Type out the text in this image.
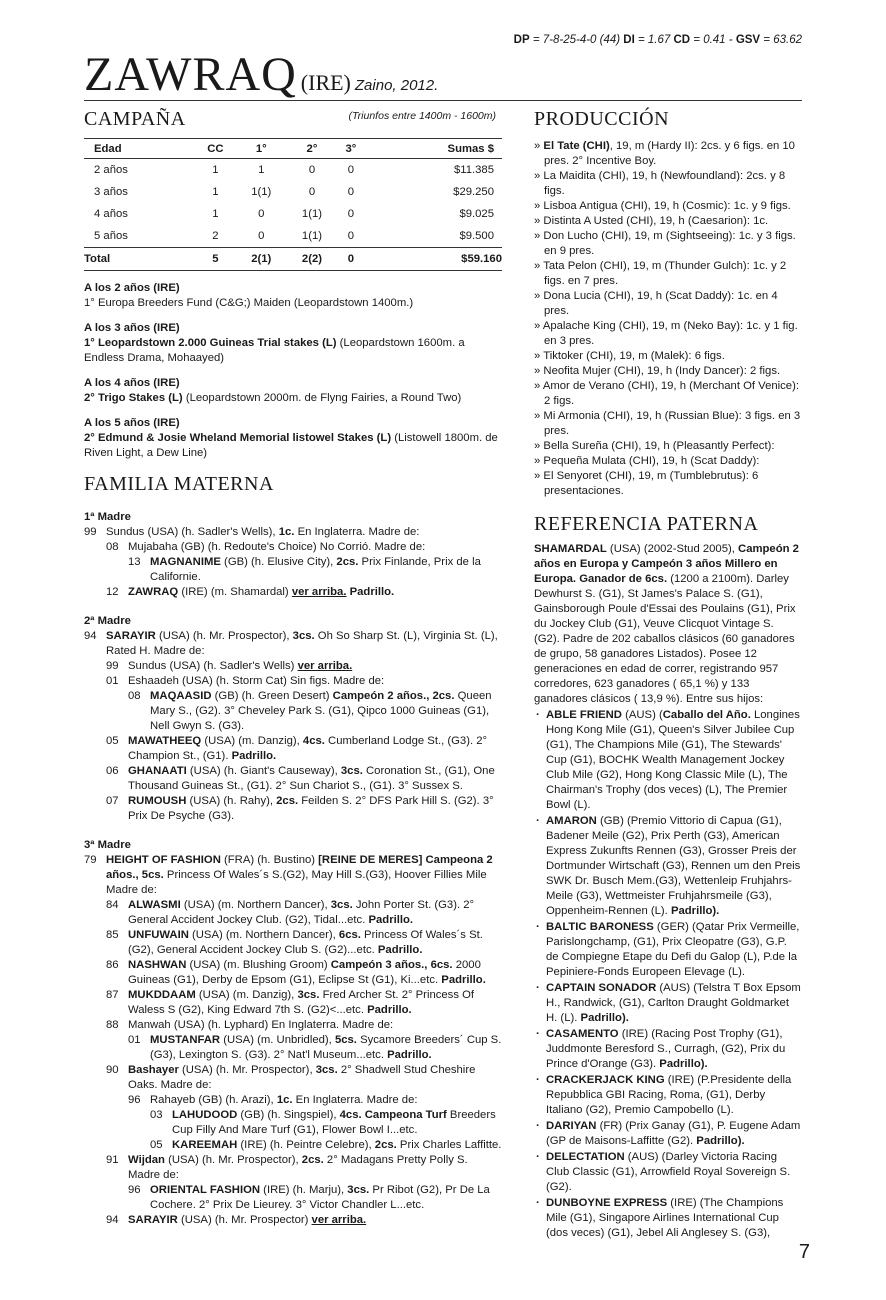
DP = 7-8-25-4-0 (44) DI = 1.67 CD = 0.41 - GSV = 63.62
ZAWRAQ (IRE) Zaino, 2012.
CAMPAÑA	(Triunfos entre 1400m - 1600m)
Edad	CC	1°	2°	3°	Sumas $
2 años	1	1	0	0	$11.385
3 años	1	1(1)	0	0	$29.250
4 años	1	0	1(1)	0	$9.025
5 años	2	0	1(1)	0	$9.500
Total	5	2(1)	2(2)	0	$59.160
A los 2 años (IRE)
1° Europa Breeders Fund (C&G;) Maiden (Leopardstown 1400m.)
A los 3 años (IRE)
1° Leopardstown 2.000 Guineas Trial stakes (L) (Leopardstown 1600m. a Endless Drama, Mohaayed)
A los 4 años (IRE)
2° Trigo Stakes (L) (Leopardstown 2000m. de Flyng Fairies, a Round Two)
A los 5 años (IRE)
2° Edmund & Josie Wheland Memorial listowel Stakes (L) (Listowell 1800m. de Riven Light, a Dew Line)
FAMILIA MATERNA
1ª Madre
99 Sundus (USA) (h. Sadler's Wells), 1c. En Inglaterra. Madre de:
08 Mujabaha (GB) (h. Redoute's Choice) No Corrió. Madre de:
13 MAGNANIME (GB) (h. Elusive City), 2cs. Prix Finlande, Prix de la Californie.
12 ZAWRAQ (IRE) (m. Shamardal) ver arriba. Padrillo.
2ª Madre
94 SARAYIR (USA) (h. Mr. Prospector), 3cs. Oh So Sharp St. (L), Virginia St. (L), Rated H. Madre de:
99 Sundus (USA) (h. Sadler's Wells) ver arriba.
01 Eshaadeh (USA) (h. Storm Cat) Sin figs. Madre de:
08 MAQAASID (GB) (h. Green Desert) Campeón 2 años., 2cs. Queen Mary S., (G2). 3° Cheveley Park S. (G1), Qipco 1000 Guineas (G1), Nell Gwyn S. (G3).
05 MAWATHEEQ (USA) (m. Danzig), 4cs. Cumberland Lodge St., (G3). 2° Champion St., (G1). Padrillo.
06 GHANAATI (USA) (h. Giant's Causeway), 3cs. Coronation St., (G1), One Thousand Guineas St., (G1). 2° Sun Chariot S., (G1). 3° Sussex S.
07 RUMOUSH (USA) (h. Rahy), 2cs. Feilden S. 2° DFS Park Hill S. (G2). 3° Prix De Psyche (G3).
3ª Madre
79 HEIGHT OF FASHION (FRA) (h. Bustino) [REINE DE MERES] Campeona 2 años., 5cs. Princess Of Wales´s S.(G2), May Hill S.(G3), Hoover Fillies Mile Madre de:
84 ALWASMI (USA) (m. Northern Dancer), 3cs. John Porter St. (G3). 2° General Accident Jockey Club. (G2), Tidal...etc. Padrillo.
85 UNFUWAIN (USA) (m. Northern Dancer), 6cs. Princess Of Wales´s St. (G2), General Accident Jockey Club S. (G2)...etc. Padrillo.
86 NASHWAN (USA) (m. Blushing Groom) Campeón 3 años., 6cs. 2000 Guineas (G1), Derby de Epsom (G1), Eclipse St (G1), Ki...etc. Padrillo.
87 MUKDDAAM (USA) (m. Danzig), 3cs. Fred Archer St. 2° Princess Of Waless S (G2), King Edward 7th S. (G2)<...etc. Padrillo.
88 Manwah (USA) (h. Lyphard) En Inglaterra. Madre de:
01 MUSTANFAR (USA) (m. Unbridled), 5cs. Sycamore Breeders´ Cup S. (G3), Lexington S. (G3). 2° Nat'l Museum...etc. Padrillo.
90 Bashayer (USA) (h. Mr. Prospector), 3cs. 2° Shadwell Stud Cheshire Oaks. Madre de:
96 Rahayeb (GB) (h. Arazi), 1c. En Inglaterra. Madre de:
03 LAHUDOOD (GB) (h. Singspiel), 4cs. Campeona Turf Breeders Cup Filly And Mare Turf (G1), Flower Bowl I...etc.
05 KAREEMAH (IRE) (h. Peintre Celebre), 2cs. Prix Charles Laffitte.
91 Wijdan (USA) (h. Mr. Prospector), 2cs. 2° Madagans Pretty Polly S. Madre de:
96 ORIENTAL FASHION (IRE) (h. Marju), 3cs. Pr Ribot (G2), Pr De La Cochere. 2° Prix De Lieurey. 3° Victor Chandler L...etc.
94 SARAYIR (USA) (h. Mr. Prospector) ver arriba.
PRODUCCIÓN
» El Tate (CHI), 19, m (Hardy II): 2cs. y 6 figs. en 10 pres. 2° Incentive Boy.
» La Maidita (CHI), 19, h (Newfoundland): 2cs. y 8 figs.
» Lisboa Antigua (CHI), 19, h (Cosmic): 1c. y 9 figs.
» Distinta A Usted (CHI), 19, h (Caesarion): 1c.
» Don Lucho (CHI), 19, m (Sightseeing): 1c. y 3 figs. en 9 pres.
» Tata Pelon (CHI), 19, m (Thunder Gulch): 1c. y 2 figs. en 7 pres.
» Dona Lucia (CHI), 19, h (Scat Daddy): 1c. en 4 pres.
» Apalache King (CHI), 19, m (Neko Bay): 1c. y 1 fig. en 3 pres.
» Tiktoker (CHI), 19, m (Malek): 6 figs.
» Neofita Mujer (CHI), 19, h (Indy Dancer): 2 figs.
» Amor de Verano (CHI), 19, h (Merchant Of Venice): 2 figs.
» Mi Armonia (CHI), 19, h (Russian Blue): 3 figs. en 3 pres.
» Bella Sureña (CHI), 19, h (Pleasantly Perfect):
» Pequeña Mulata (CHI), 19, h (Scat Daddy):
» El Senyoret (CHI), 19, m (Tumblebrutus): 6 presentaciones.
REFERENCIA PATERNA
SHAMARDAL (USA) (2002-Stud 2005), Campeón 2 años en Europa y Campeón 3 años Millero en Europa. Ganador de 6cs. (1200 a 2100m). Darley Dewhurst S. (G1), St James's Palace S. (G1), Gainsborough Poule d'Essai des Poulains (G1), Prix du Jockey Club (G1), Veuve Clicquot Vintage S. (G2). Padre de 202 caballos clásicos (60 ganadores de grupo, 58 ganadores Listados). Posee 12 generaciones en edad de correr, registrando 957 corredores, 623 ganadores ( 65,1 %) y 133 ganadores clásicos ( 13,9 %). Entre sus hijos:
· ABLE FRIEND (AUS) (Caballo del Año. Longines Hong Kong Mile (G1), Queen's Silver Jubilee Cup (G1), The Champions Mile (G1), The Stewards' Cup (G1), BOCHK Wealth Management Jockey Club Mile (G2), Hong Kong Classic Mile (L), The Chairman's Trophy (dos veces) (L), The Premier Bowl (L).
· AMARON (GB) (Premio Vittorio di Capua (G1), Badener Meile (G2), Prix Perth (G3), American Express Zukunfts Rennen (G3), Grosser Preis der Dortmunder Wirtschaft (G3), Rennen um den Preis SWK Dr. Busch Mem.(G3), Wettenleip Fruhjahrs-Meile (G3), Wettmeister Fruhjahrsmeile (G3), Oppenheim-Rennen (L). Padrillo).
· BALTIC BARONESS (GER) (Qatar Prix Vermeille, Parislongchamp, (G1), Prix Cleopatre (G3), G.P. de Compiegne Etape du Defi du Galop (L), P.de la Pepiniere-Fonds Europeen Elevage (L).
· CAPTAIN SONADOR (AUS) (Telstra T Box Epsom H., Randwick, (G1), Carlton Draught Goldmarket H. (L). Padrillo).
· CASAMENTO (IRE) (Racing Post Trophy (G1), Juddmonte Beresford S., Curragh, (G2), Prix du Prince d'Orange (G3). Padrillo).
· CRACKERJACK KING (IRE) (P.Presidente della Repubblica GBI Racing, Roma, (G1), Derby Italiano (G2), Premio Campobello (L).
· DARIYAN (FR) (Prix Ganay (G1), P. Eugene Adam (GP de Maisons-Laffitte (G2). Padrillo).
· DELECTATION (AUS) (Darley Victoria Racing Club Classic (G1), Arrowfield Royal Sovereign S. (G2).
· DUNBOYNE EXPRESS (IRE) (The Champions Mile (G1), Singapore Airlines International Cup (dos veces) (G1), Jebel Ali Anglesey S. (G3),
7
